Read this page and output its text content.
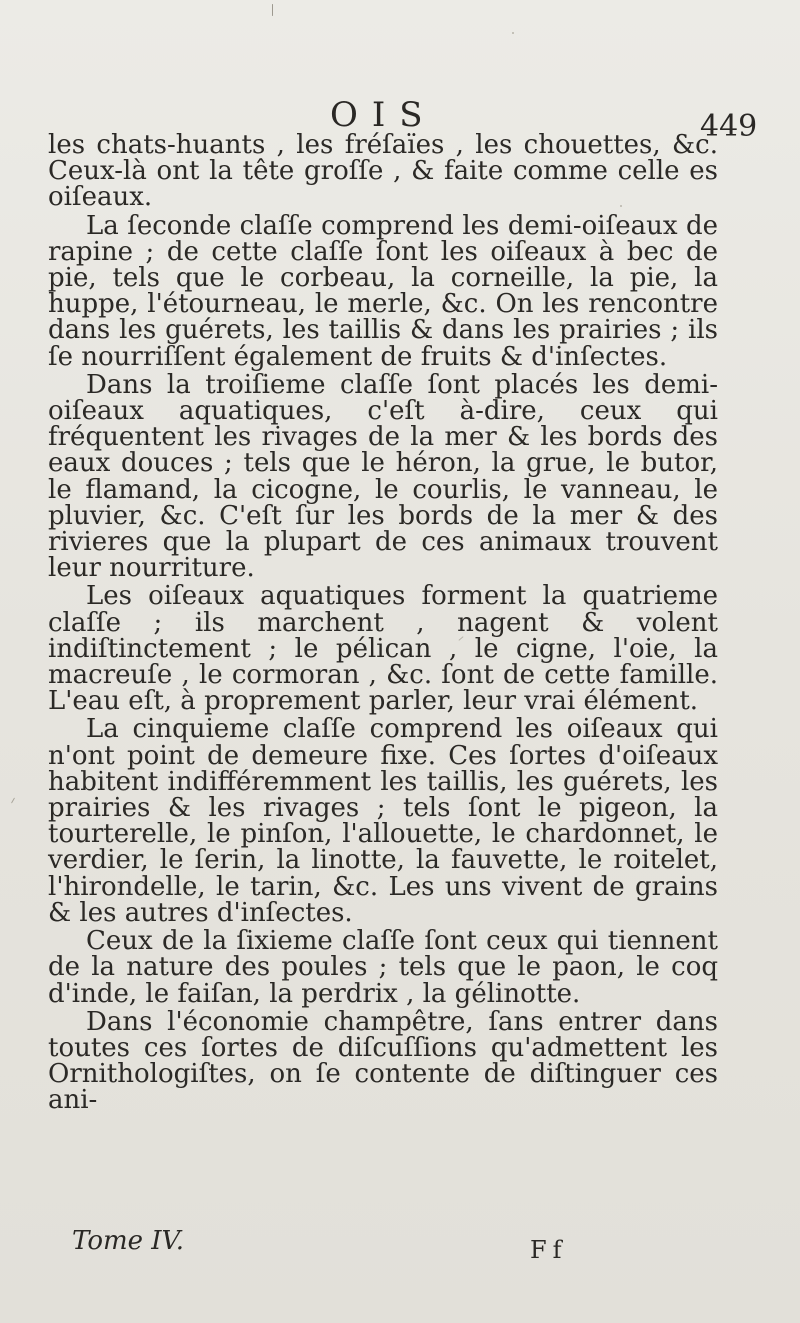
OIS	449

les chats-huants , les fréſaïes , les chouettes, &c. Ceux-là ont la tête groſſe , & faite comme celle es oiſeaux.

La ſeconde claſſe comprend les demi-oiſeaux de rapine ; de cette claſſe ſont les oiſeaux à bec de pie, tels que le corbeau, la corneille, la pie, la huppe, l'étourneau, le merle, &c. On les rencontre dans les guérets, les taillis & dans les prairies ; ils ſe nourriſſent également de fruits & d'inſectes.

Dans la troiſieme claſſe ſont placés les demi-oiſeaux aquatiques, c'eſt à-dire, ceux qui fréquentent les rivages de la mer & les bords des eaux douces ; tels que le héron, la grue, le butor, le flamand, la cicogne, le courlis, le vanneau, le pluvier, &c. C'eſt ſur les bords de la mer & des rivieres que la plupart de ces animaux trouvent leur nourriture.

Les oiſeaux aquatiques forment la quatrieme claſſe ; ils marchent , nagent & volent indiſtinctement ; le pélican , le cigne, l'oie, la macreuſe , le cormoran , &c. ſont de cette famille. L'eau eſt, à proprement parler, leur vrai élément.

La cinquieme claſſe comprend les oiſeaux qui n'ont point de demeure fixe. Ces ſortes d'oiſeaux habitent indifféremment les taillis, les guérets, les prairies & les rivages ; tels ſont le pigeon, la tourterelle, le pinſon, l'allouette, le chardonnet, le verdier, le ſerin, la linotte, la fauvette, le roitelet, l'hirondelle, le tarin, &c. Les uns vivent de grains & les autres d'inſectes.

Ceux de la ſixieme claſſe ſont ceux qui tiennent de la nature des poules ; tels que le paon, le coq d'inde, le faiſan, la perdrix , la gélinotte.

Dans l'économie champêtre, ſans entrer dans toutes ces ſortes de diſcuſſions qu'admettent les Ornithologiſtes, on ſe contente de diſtinguer ces ani-

Tome IV.	Ff
